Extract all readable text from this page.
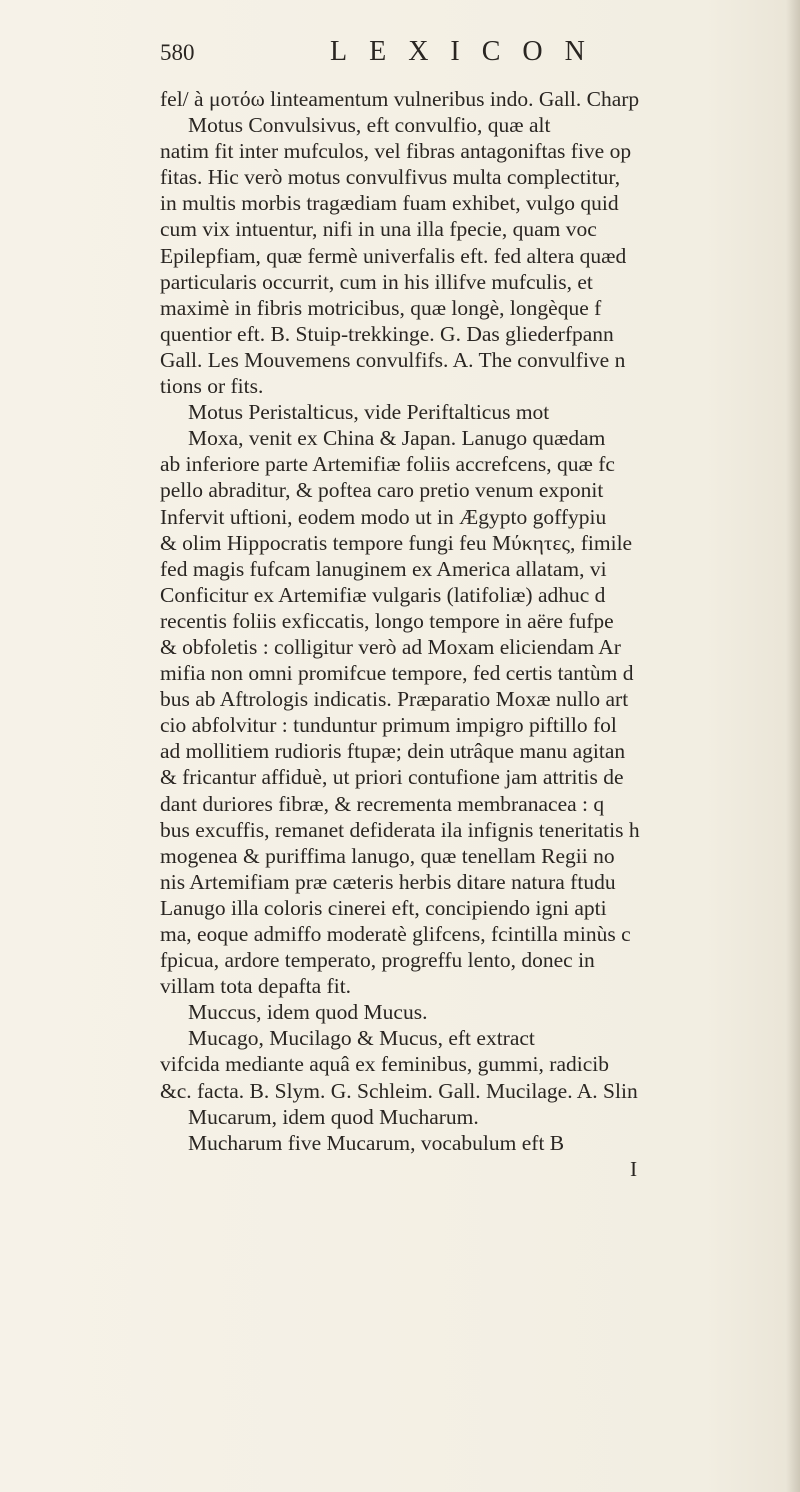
580	LEXICON
fel/ à μοτόω linteamentum vulneribus indo. Gall. Charp
Motus Convulsivus, eft convulfio, quæ alt
natim fit inter mufculos, vel fibras antagoniftas five op
fitas. Hic verò motus convulfivus multa complectitur,
in multis morbis tragædiam fuam exhibet, vulgo quid
cum vix intuentur, nifi in una illa fpecie, quam voc
Epilepfiam, quæ fermè univerfalis eft. fed altera quæd
particularis occurrit, cum in his illifve mufculis, et
maximè in fibris motricibus, quæ longè, longèque f
quentior eft. B. Stuip-trekkinge. G. Das gliederfpann
Gall. Les Mouvemens convulfifs. A. The convulfive n
tions or fits.
Motus Peristalticus, vide Periftalticus mot
Moxa, venit ex China & Japan. Lanugo quædam
ab inferiore parte Artemifiæ foliis accrefcens, quæ fc
pello abraditur, & poftea caro pretio venum exponit
Infervit uftioni, eodem modo ut in Ægypto goffypiu
& olim Hippocratis tempore fungi feu Μύκητες, fimile
fed magis fufcam lanuginem ex America allatam, vi
Conficitur ex Artemifiæ vulgaris (latifoliæ) adhuc d
recentis foliis exficcatis, longo tempore in aëre fufpe
& obfoletis : colligitur verò ad Moxam eliciendam Ar
mifia non omni promifcue tempore, fed certis tantùm d
bus ab Aftrologis indicatis. Præparatio Moxæ nullo art
cio abfolvitur : tunduntur primum impigro piftillo fol
ad mollitiem rudioris ftupæ; dein utrâque manu agitan
& fricantur affiduè, ut priori contufione jam attritis de
dant duriores fibræ, & recrementa membranacea : q
bus excuffis, remanet defiderata ila infignis teneritatis h
mogenea & puriffima lanugo, quæ tenellam Regii no
nis Artemifiam præ cæteris herbis ditare natura ftudu
Lanugo illa coloris cinerei eft, concipiendo igni apti
ma, eoque admiffo moderatè glifcens, fcintilla minùs c
fpicua, ardore temperato, progreffu lento, donec in
villam tota depafta fit.
Muccus, idem quod Mucus.
Mucago, Mucilago & Mucus, eft extract
vifcida mediante aquâ ex feminibus, gummi, radicib
&c. facta. B. Slym. G. Schleim. Gall. Mucilage. A. Slin
Mucarum, idem quod Mucharum.
Mucharum five Mucarum, vocabulum eft B
I
